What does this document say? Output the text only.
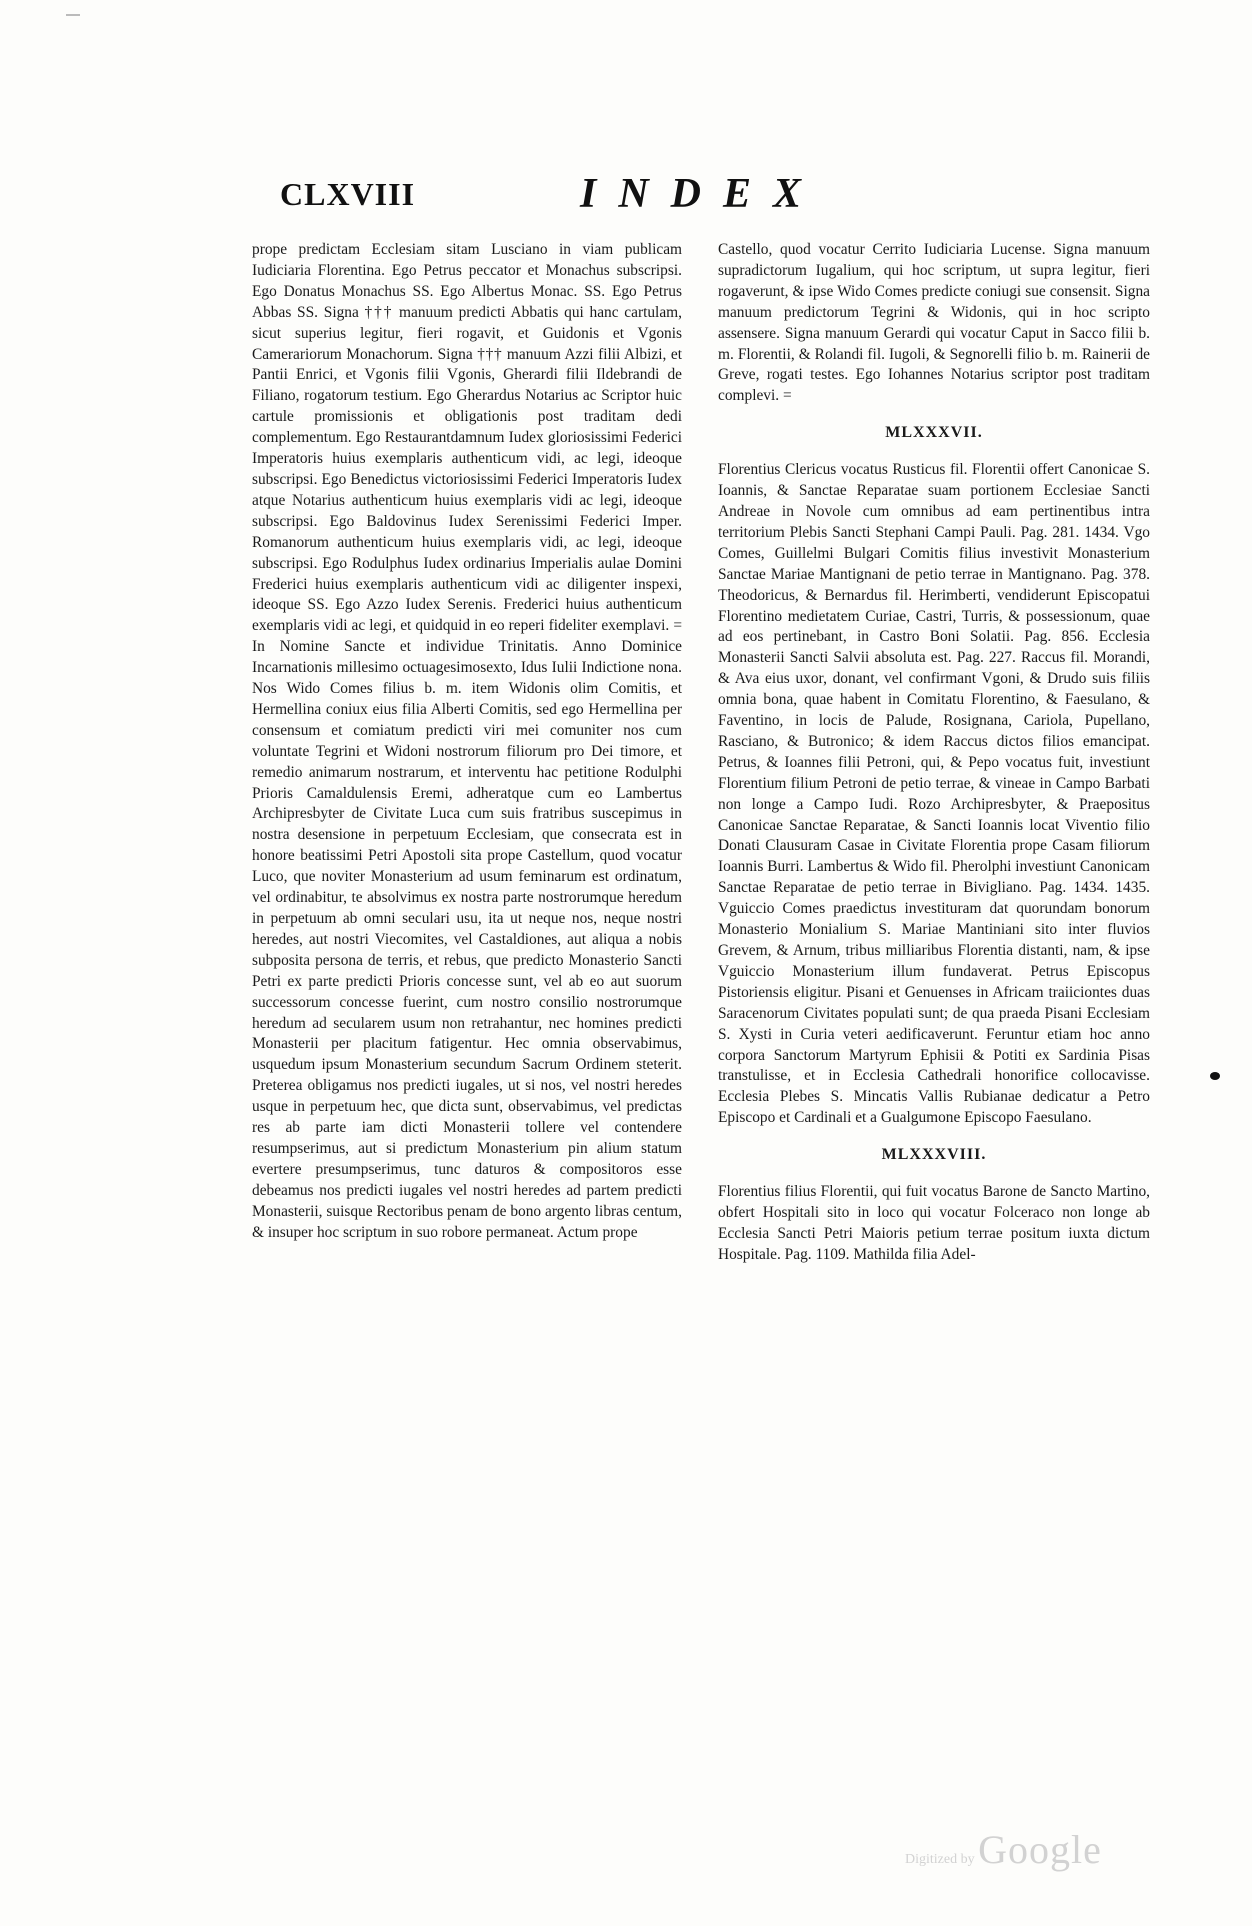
CLXVIII	INDEX

prope predictam Ecclesiam sitam Lusciano in viam publicam Iudiciaria Florentina. Ego Petrus peccator et Monachus subscripsi. Ego Donatus Monachus SS. Ego Albertus Monac. SS. Ego Petrus Abbas SS. Signa ††† manuum predicti Abbatis qui hanc cartulam, sicut superius legitur, fieri rogavit, et Guidonis et Vgonis Camerariorum Monachorum. Signa ††† manuum Azzi filii Albizi, et Pantii Enrici, et Vgonis filii Vgonis, Gherardi filii Ildebrandi de Filiano, rogatorum testium. Ego Gherardus Notarius ac Scriptor huic cartule promissionis et obligationis post traditam dedi complementum. Ego Restaurantdamnum Iudex gloriosissimi Federici Imperatoris huius exemplaris authenticum vidi, ac legi, ideoque subscripsi. Ego Benedictus victoriosissimi Federici Imperatoris Iudex atque Notarius authenticum huius exemplaris vidi ac legi, ideoque subscripsi. Ego Baldovinus Iudex Serenissimi Federici Imper. Romanorum authenticum huius exemplaris vidi, ac legi, ideoque subscripsi. Ego Rodulphus Iudex ordinarius Imperialis aulae Domini Frederici huius exemplaris authenticum vidi ac diligenter inspexi, ideoque SS. Ego Azzo Iudex Serenis. Frederici huius authenticum exemplaris vidi ac legi, et quidquid in eo reperi fideliter exemplavi. = In Nomine Sancte et individue Trinitatis. Anno Dominice Incarnationis millesimo octuagesimosexto, Idus Iulii Indictione nona. Nos Wido Comes filius b. m. item Widonis olim Comitis, et Hermellina coniux eius filia Alberti Comitis, sed ego Hermellina per consensum et comiatum predicti viri mei comuniter nos cum voluntate Tegrini et Widoni nostrorum filiorum pro Dei timore, et remedio animarum nostrarum, et interventu hac petitione Rodulphi Prioris Camaldulensis Eremi, adheratque cum eo Lambertus Archipresbyter de Civitate Luca cum suis fratribus suscepimus in nostra desensione in perpetuum Ecclesiam, que consecrata est in honore beatissimi Petri Apostoli sita prope Castellum, quod vocatur Luco, que noviter Monasterium ad usum feminarum est ordinatum, vel ordinabitur, te absolvimus ex nostra parte nostrorumque heredum in perpetuum ab omni seculari usu, ita ut neque nos, neque nostri heredes, aut nostri Viecomites, vel Castaldiones, aut aliqua a nobis subposita persona de terris, et rebus, que predicto Monasterio Sancti Petri ex parte predicti Prioris concesse sunt, vel ab eo aut suorum successorum concesse fuerint, cum nostro consilio nostrorumque heredum ad secularem usum non retrahantur, nec homines predicti Monasterii per placitum fatigentur. Hec omnia observabimus, usquedum ipsum Monasterium secundum Sacrum Ordinem steterit. Preterea obligamus nos predicti iugales, ut si nos, vel nostri heredes usque in perpetuum hec, que dicta sunt, observabimus, vel predictas res ab parte iam dicti Monasterii tollere vel contendere resumpserimus, aut si predictum Monasterium pin alium statum evertere presumpserimus, tunc daturos & compositoros esse debeamus nos predicti iugales vel nostri heredes ad partem predicti Monasterii, suisque Rectoribus penam de bono argento libras centum, & insuper hoc scriptum in suo robore permaneat. Actum prope

Castello, quod vocatur Cerrito Iudiciaria Lucense. Signa manuum supradictorum Iugalium, qui hoc scriptum, ut supra legitur, fieri rogaverunt, & ipse Wido Comes predicte coniugi sue consensit. Signa manuum predictorum Tegrini & Widonis, qui in hoc scripto assensere. Signa manuum Gerardi qui vocatur Caput in Sacco filii b. m. Florentii, & Rolandi fil. Iugoli, & Segnorelli filio b. m. Rainerii de Greve, rogati testes. Ego Iohannes Notarius scriptor post traditam complevi. =

MLXXXVII.

Florentius Clericus vocatus Rusticus fil. Florentii offert Canonicae S. Ioannis, & Sanctae Reparatae suam portionem Ecclesiae Sancti Andreae in Novole cum omnibus ad eam pertinentibus intra territorium Plebis Sancti Stephani Campi Pauli. Pag. 281. 1434. Vgo Comes, Guillelmi Bulgari Comitis filius investivit Monasterium Sanctae Mariae Mantignani de petio terrae in Mantignano. Pag. 378. Theodoricus, & Bernardus fil. Herimberti, vendiderunt Episcopatui Florentino medietatem Curiae, Castri, Turris, & possessionum, quae ad eos pertinebant, in Castro Boni Solatii. Pag. 856. Ecclesia Monasterii Sancti Salvii absoluta est. Pag. 227. Raccus fil. Morandi, & Ava eius uxor, donant, vel confirmant Vgoni, & Drudo suis filiis omnia bona, quae habent in Comitatu Florentino, & Faesulano, & Faventino, in locis de Palude, Rosignana, Cariola, Pupellano, Rasciano, & Butronico; & idem Raccus dictos filios emancipat. Petrus, & Ioannes filii Petroni, qui, & Pepo vocatus fuit, investiunt Florentium filium Petroni de petio terrae, & vineae in Campo Barbati non longe a Campo Iudi. Rozo Archipresbyter, & Praepositus Canonicae Sanctae Reparatae, & Sancti Ioannis locat Viventio filio Donati Clausuram Casae in Civitate Florentia prope Casam filiorum Ioannis Burri. Lambertus & Wido fil. Pherolphi investiunt Canonicam Sanctae Reparatae de petio terrae in Bivigliano. Pag. 1434. 1435. Vguiccio Comes praedictus investituram dat quorundam bonorum Monasterio Monialium S. Mariae Mantiniani sito inter fluvios Grevem, & Arnum, tribus milliaribus Florentia distanti, nam, & ipse Vguiccio Monasterium illum fundaverat. Petrus Episcopus Pistoriensis eligitur. Pisani et Genuenses in Africam traiiciontes duas Saracenorum Civitates populati sunt; de qua praeda Pisani Ecclesiam S. Xysti in Curia veteri aedificaverunt. Feruntur etiam hoc anno corpora Sanctorum Martyrum Ephisii & Potiti ex Sardinia Pisas transtulisse, et in Ecclesia Cathedrali honorifice collocavisse. Ecclesia Plebes S. Mincatis Vallis Rubianae dedicatur a Petro Episcopo et Cardinali et a Gualgumone Episcopo Faesulano.

MLXXXVIII.

Florentius filius Florentii, qui fuit vocatus Barone de Sancto Martino, obfert Hospitali sito in loco qui vocatur Folceraco non longe ab Ecclesia Sancti Petri Maioris petium terrae positum iuxta dictum Hospitale. Pag. 1109. Mathilda filia Adel-

Digitized by Google
